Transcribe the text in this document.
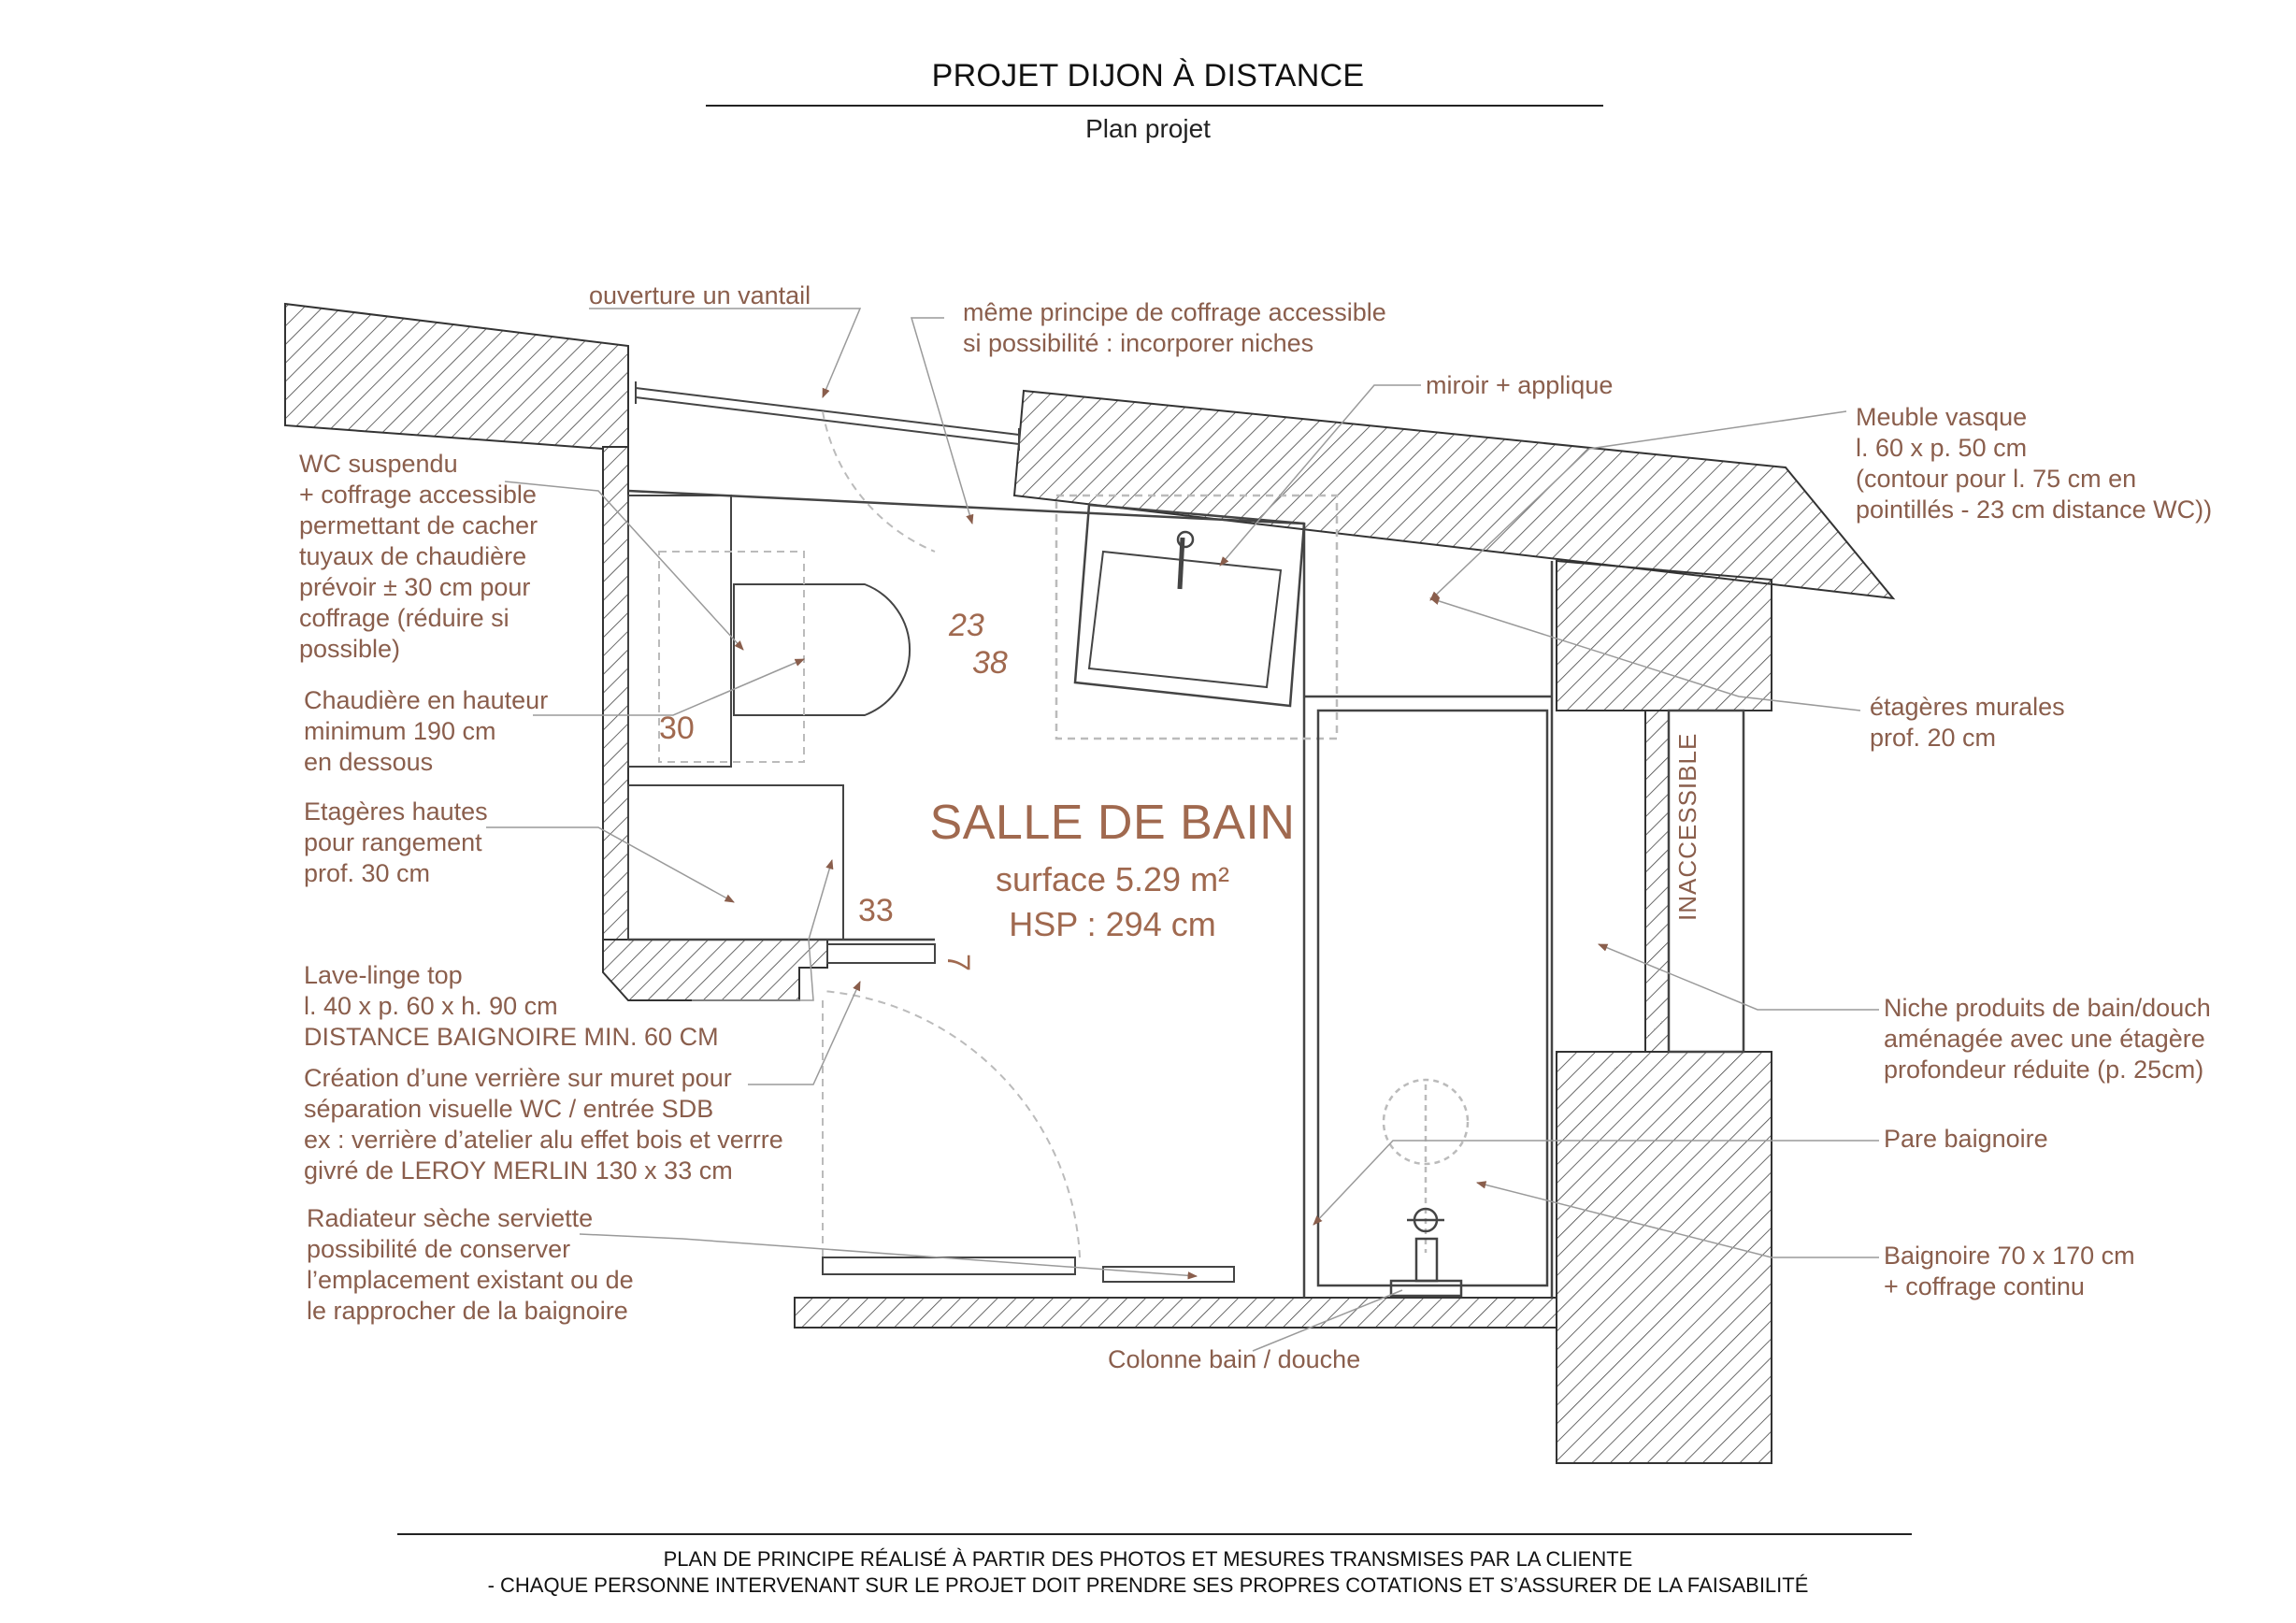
PROJET DIJON À DISTANCE
Plan projet
SALLE DE BAIN
surface 5.29 m²
HSP : 294 cm
INACCESSIBLE
23
38
30
33
7
ouverture un vantail
même principe de coffrage accessible
si possibilité : incorporer niches
miroir + applique
Meuble vasque
l. 60 x p. 50 cm
(contour pour l. 75 cm en
pointillés - 23 cm distance WC))
WC suspendu
+ coffrage accessible
permettant de cacher
tuyaux de chaudière
prévoir ± 30 cm pour
coffrage (réduire si
possible)
Chaudière en hauteur
minimum 190 cm
en dessous
Etagères hautes
pour rangement
prof. 30 cm
étagères murales
prof. 20 cm
Lave-linge top
l. 40 x p. 60 x h. 90 cm
DISTANCE BAIGNOIRE MIN. 60 CM
Création d’une verrière sur muret pour
séparation visuelle WC / entrée SDB
ex : verrière d’atelier alu effet bois et verrre
givré de LEROY MERLIN 130 x 33 cm
Niche produits de bain/douch
aménagée avec une étagère
profondeur réduite (p. 25cm)
Pare baignoire
Radiateur sèche serviette
possibilité de conserver
l’emplacement existant ou de
le rapprocher de la baignoire
Baignoire 70 x 170 cm
+ coffrage continu
Colonne bain / douche
PLAN DE PRINCIPE RÉALISÉ À PARTIR DES PHOTOS ET MESURES TRANSMISES PAR LA CLIENTE
- CHAQUE PERSONNE INTERVENANT SUR LE PROJET DOIT PRENDRE SES PROPRES COTATIONS ET S’ASSURER DE LA FAISABILITÉ
